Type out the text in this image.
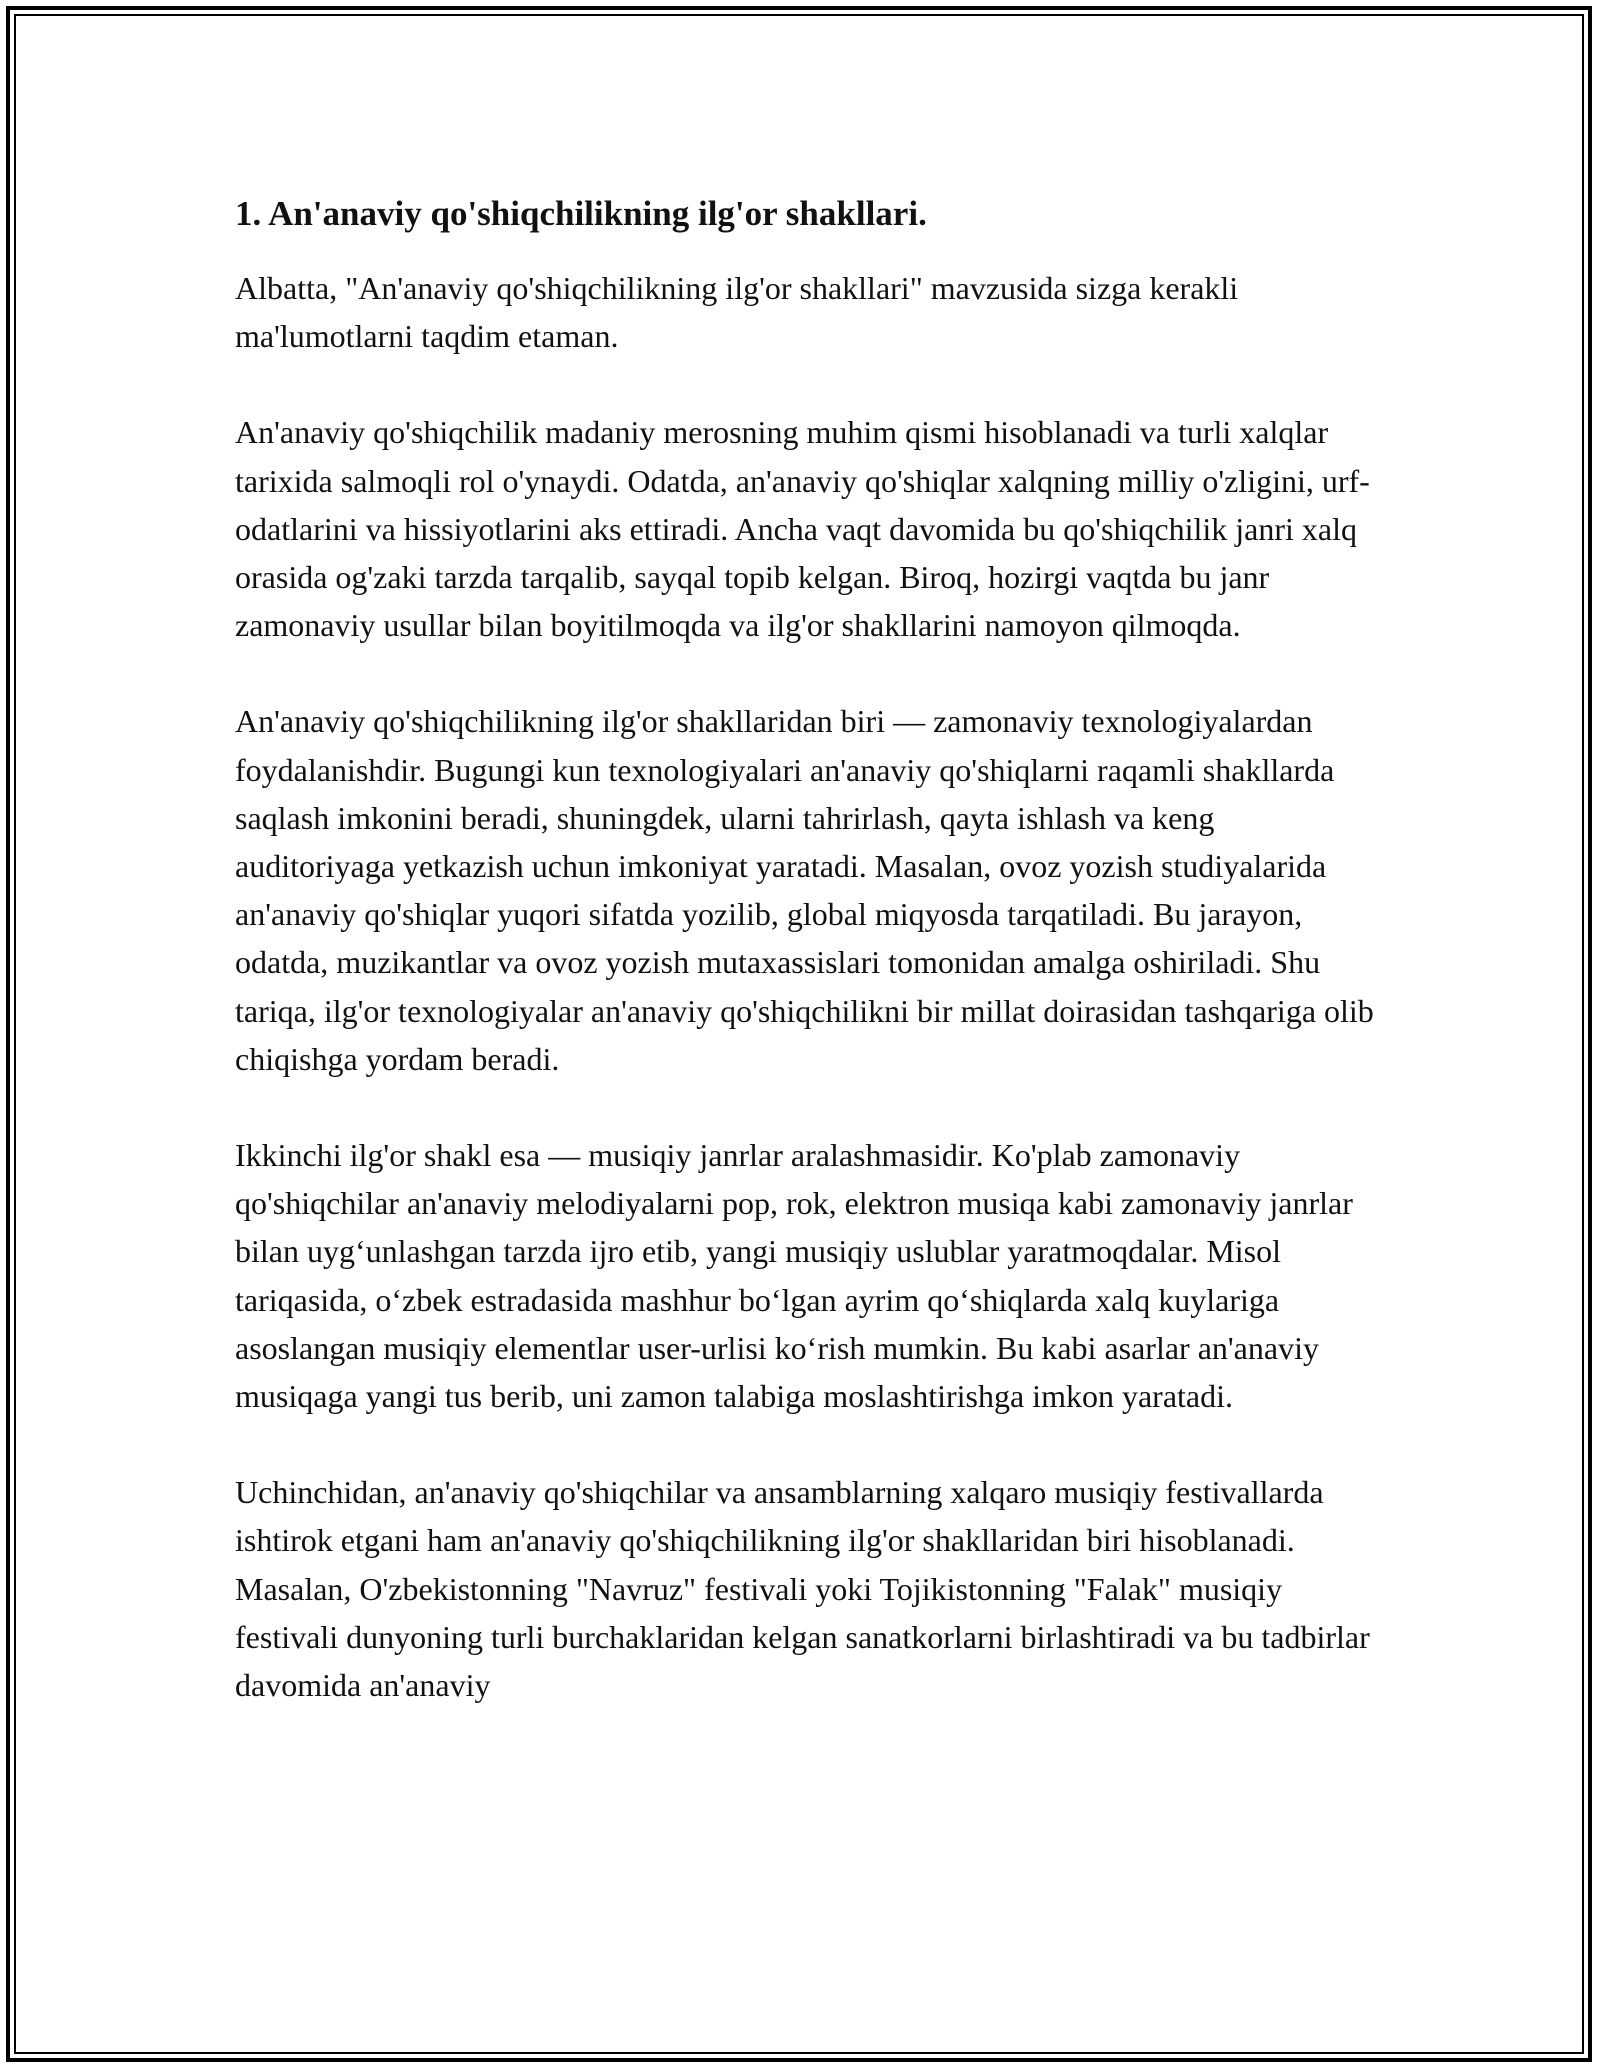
1. An'anaviy qo'shiqchilikning ilg'or shakllari.

Albatta, "An'anaviy qo'shiqchilikning ilg'or shakllari" mavzusida sizga kerakli ma'lumotlarni taqdim etaman.

An'anaviy qo'shiqchilik madaniy merosning muhim qismi hisoblanadi va turli xalqlar tarixida salmoqli rol o'ynaydi. Odatda, an'anaviy qo'shiqlar xalqning milliy o'zligini, urf-odatlarini va hissiyotlarini aks ettiradi. Ancha vaqt davomida bu qo'shiqchilik janri xalq orasida og'zaki tarzda tarqalib, sayqal topib kelgan. Biroq, hozirgi vaqtda bu janr zamonaviy usullar bilan boyitilmoqda va ilg'or shakllarini namoyon qilmoqda.

An'anaviy qo'shiqchilikning ilg'or shakllaridan biri — zamonaviy texnologiyalardan foydalanishdir. Bugungi kun texnologiyalari an'anaviy qo'shiqlarni raqamli shakllarda saqlash imkonini beradi, shuningdek, ularni tahrirlash, qayta ishlash va keng auditoriyaga yetkazish uchun imkoniyat yaratadi. Masalan, ovoz yozish studiyalarida an'anaviy qo'shiqlar yuqori sifatda yozilib, global miqyosda tarqatiladi. Bu jarayon, odatda, muzikantlar va ovoz yozish mutaxassislari tomonidan amalga oshiriladi. Shu tariqa, ilg'or texnologiyalar an'anaviy qo'shiqchilikni bir millat doirasidan tashqariga olib chiqishga yordam beradi.

Ikkinchi ilg'or shakl esa — musiqiy janrlar aralashmasidir. Ko'plab zamonaviy qo'shiqchilar an'anaviy melodiyalarni pop, rok, elektron musiqa kabi zamonaviy janrlar bilan uyg‘unlashgan tarzda ijro etib, yangi musiqiy uslublar yaratmoqdalar. Misol tariqasida, o‘zbek estradasida mashhur bo‘lgan ayrim qo‘shiqlarda xalq kuylariga asoslangan musiqiy elementlar user-urlisi ko‘rish mumkin. Bu kabi asarlar an'anaviy musiqaga yangi tus berib, uni zamon talabiga moslashtirishga imkon yaratadi.

Uchinchidan, an'anaviy qo'shiqchilar va ansamblarning xalqaro musiqiy festivallarda ishtirok etgani ham an'anaviy qo'shiqchilikning ilg'or shakllaridan biri hisoblanadi. Masalan, O'zbekistonning "Navruz" festivali yoki Tojikistonning "Falak" musiqiy festivali dunyoning turli burchaklaridan kelgan sanatkorlarni birlashtiradi va bu tadbirlar davomida an'anaviy
